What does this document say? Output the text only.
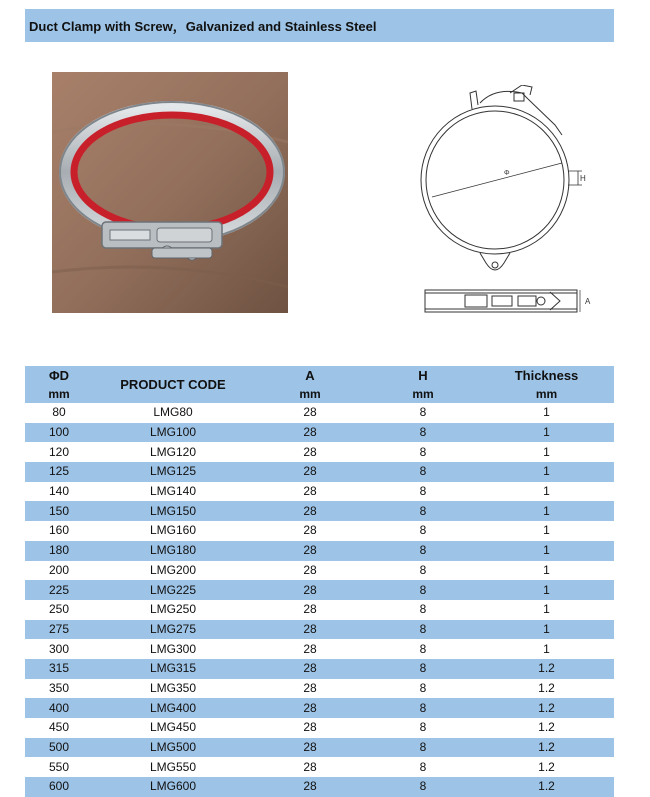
Duct Clamp with Screw，Galvanized and Stainless Steel
Φ
H
A
ΦD	PRODUCT CODE	A	H	Thickness
mm		mm	mm	mm
80	LMG80	28	8	1
100	LMG100	28	8	1
120	LMG120	28	8	1
125	LMG125	28	8	1
140	LMG140	28	8	1
150	LMG150	28	8	1
160	LMG160	28	8	1
180	LMG180	28	8	1
200	LMG200	28	8	1
225	LMG225	28	8	1
250	LMG250	28	8	1
275	LMG275	28	8	1
300	LMG300	28	8	1
315	LMG315	28	8	1.2
350	LMG350	28	8	1.2
400	LMG400	28	8	1.2
450	LMG450	28	8	1.2
500	LMG500	28	8	1.2
550	LMG550	28	8	1.2
600	LMG600	28	8	1.2
